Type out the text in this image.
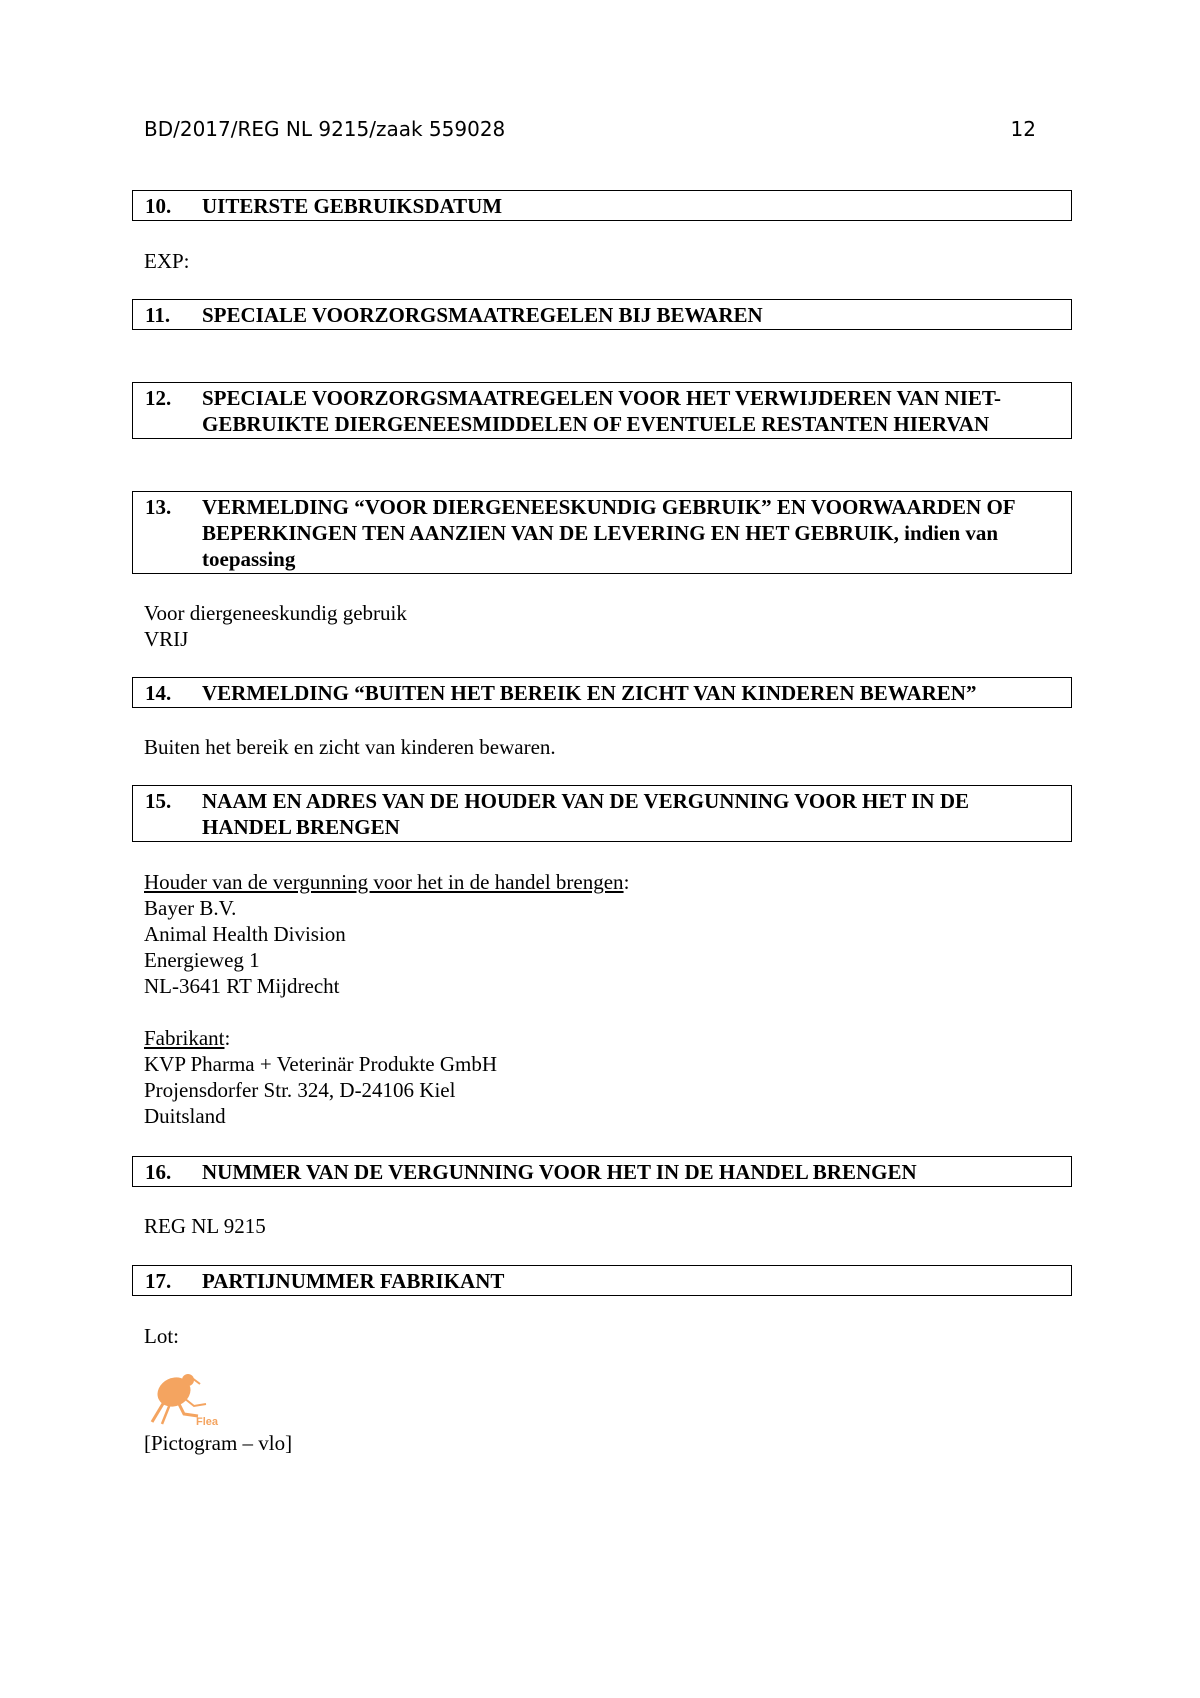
BD/2017/REG NL 9215/zaak 559028	12
10. UITERSTE GEBRUIKSDATUM
EXP:
11. SPECIALE VOORZORGSMAATREGELEN BIJ BEWAREN
12. SPECIALE VOORZORGSMAATREGELEN VOOR HET VERWIJDEREN VAN NIET-GEBRUIKTE DIERGENEESMIDDELEN OF EVENTUELE RESTANTEN HIERVAN
13. VERMELDING “VOOR DIERGENEESKUNDIG GEBRUIK” EN VOORWAARDEN OF BEPERKINGEN TEN AANZIEN VAN DE LEVERING EN HET GEBRUIK, indien van toepassing
Voor diergeneeskundig gebruik
VRIJ
14. VERMELDING “BUITEN HET BEREIK EN ZICHT VAN KINDEREN BEWAREN”
Buiten het bereik en zicht van kinderen bewaren.
15. NAAM EN ADRES VAN DE HOUDER VAN DE VERGUNNING VOOR HET IN DE HANDEL BRENGEN
Houder van de vergunning voor het in de handel brengen:
Bayer B.V.
Animal Health Division
Energieweg 1
NL-3641 RT Mijdrecht
Fabrikant:
KVP Pharma + Veterinär Produkte GmbH
Projensdorfer Str. 324, D-24106 Kiel
Duitsland
16. NUMMER VAN DE VERGUNNING VOOR HET IN DE HANDEL BRENGEN
REG NL 9215
17. PARTIJNUMMER FABRIKANT
Lot:
Flea
[Pictogram – vlo]
